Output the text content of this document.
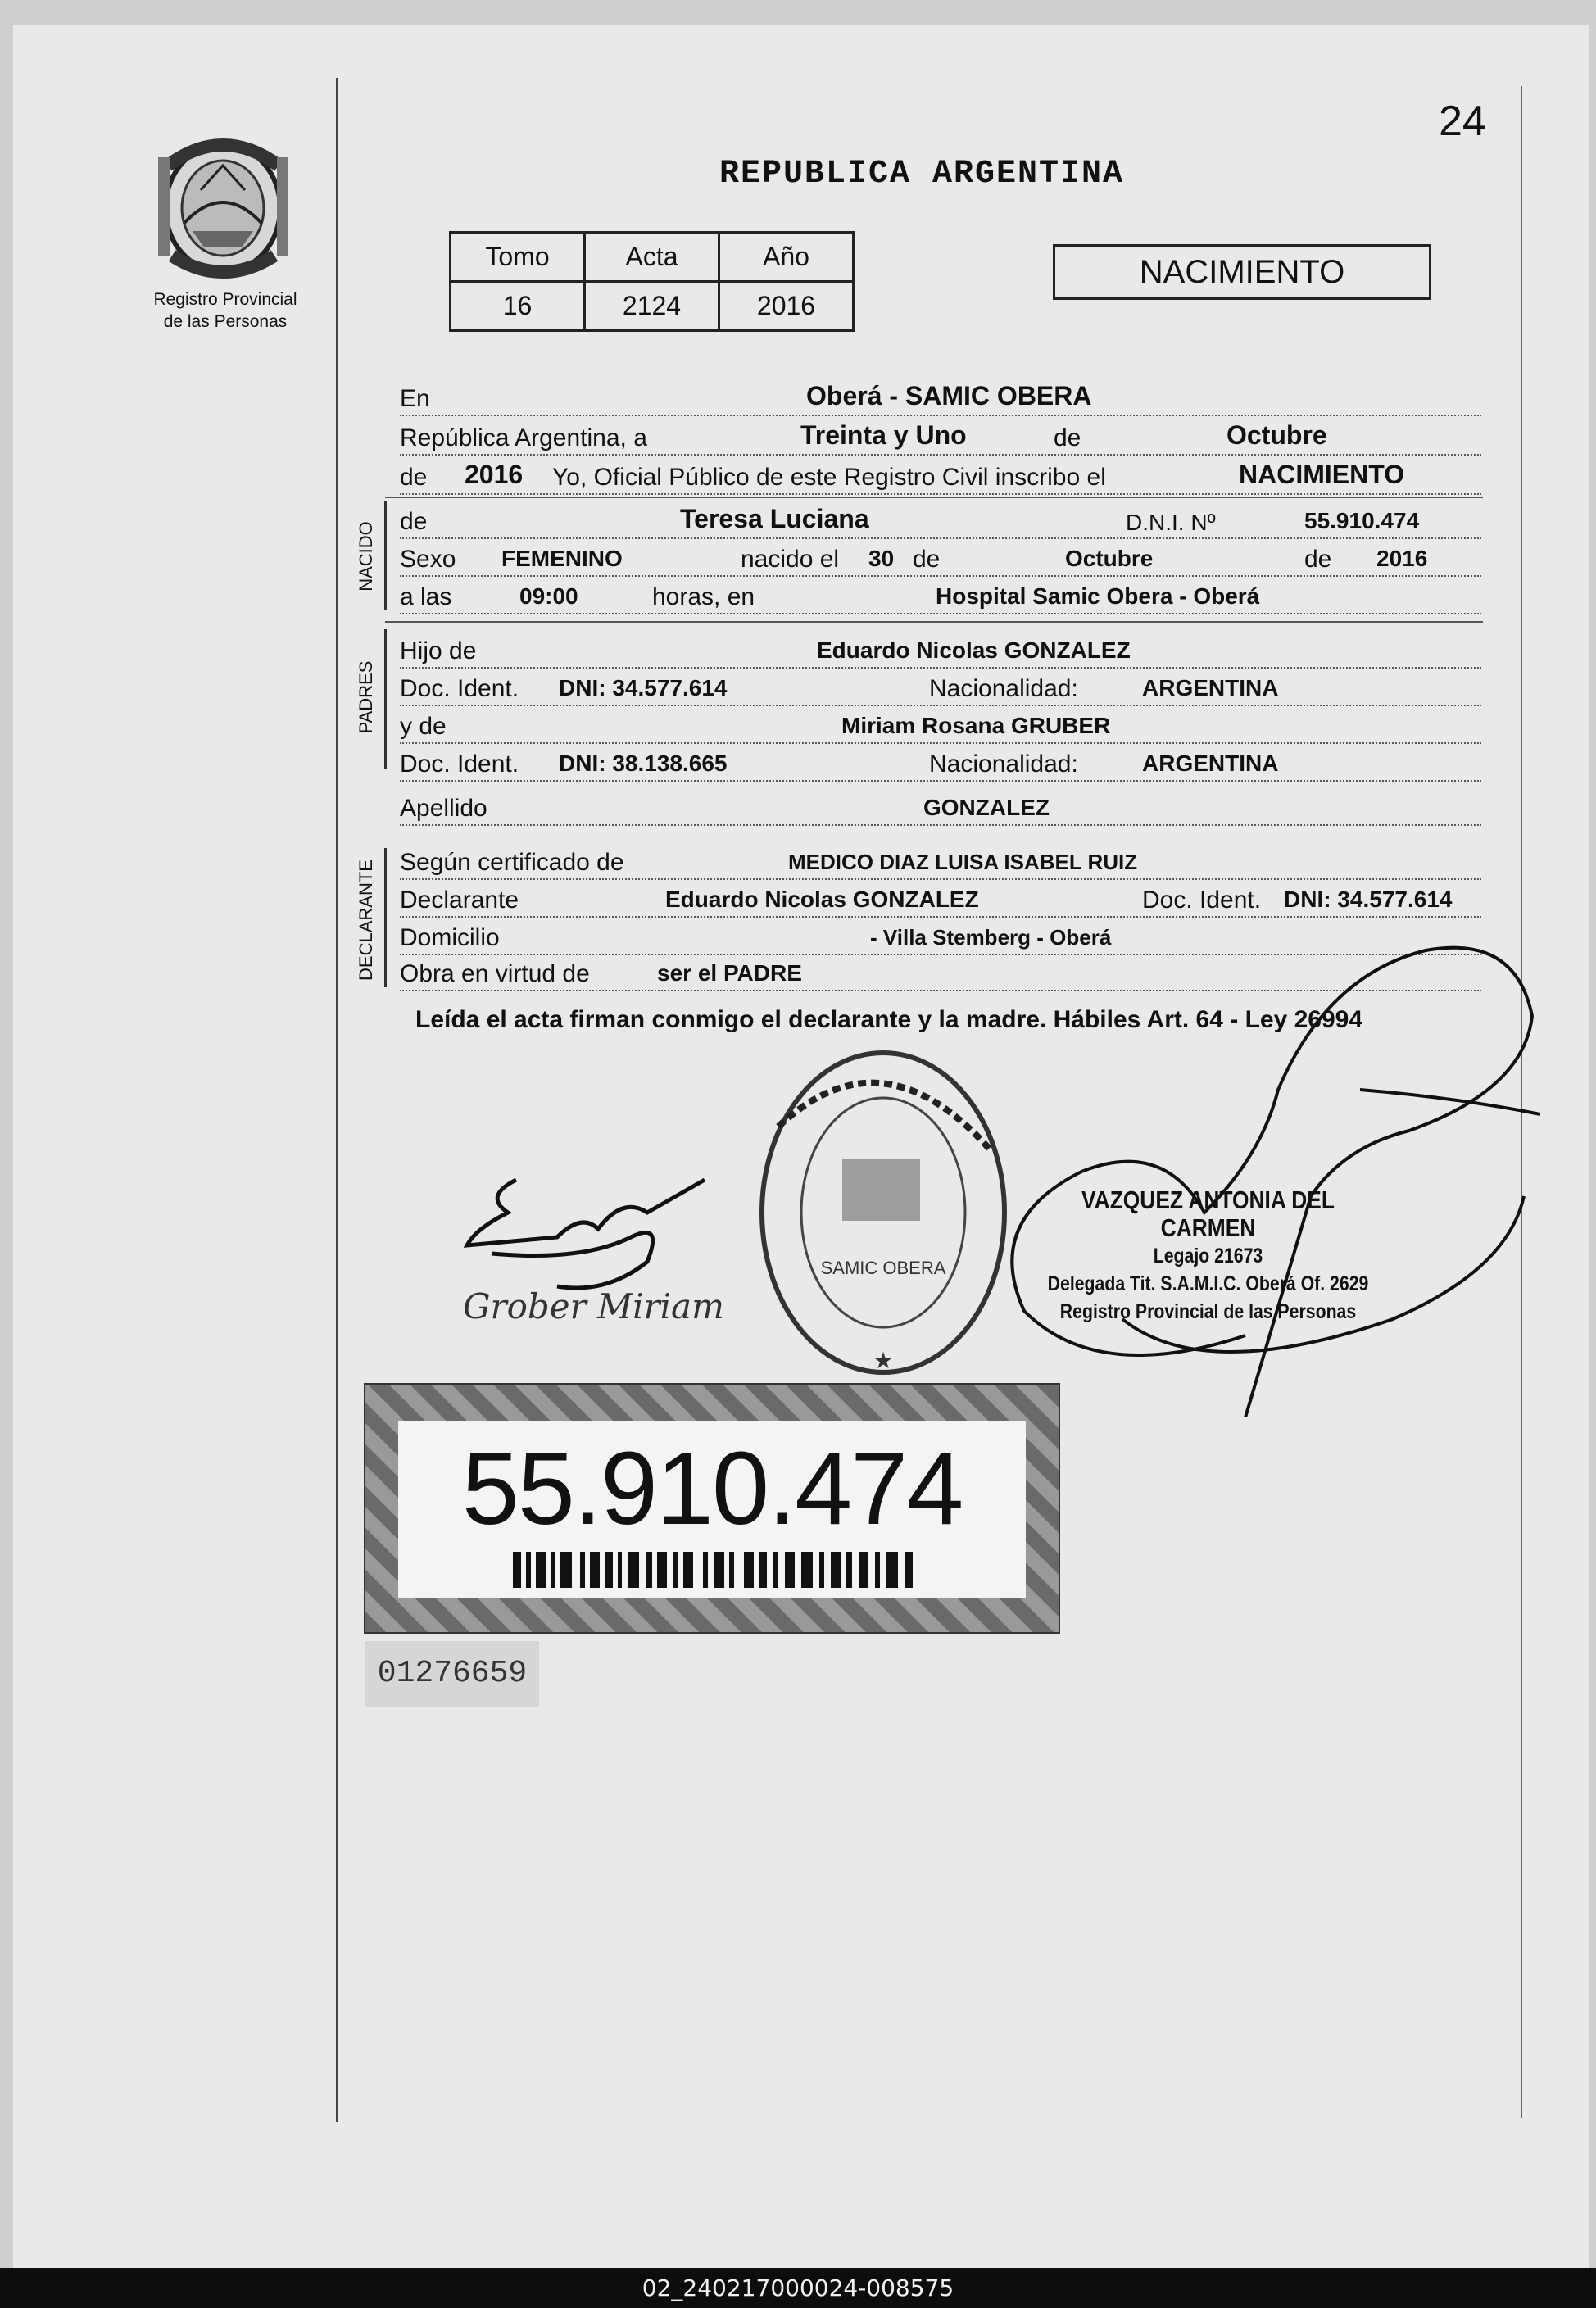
24
Registro Provincial
de las Personas
REPUBLICA ARGENTINA
Tomo	Acta	Año
16	2124	2016
NACIMIENTO
En	Oberá - SAMIC OBERA
República Argentina, a	Treinta y Uno	de	Octubre
de 2016 Yo, Oficial Público de este Registro Civil inscribo el	NACIMIENTO
NACIDO de	Teresa Luciana	D.N.I. Nº	55.910.474
Sexo FEMENINO	nacido el 30 de	Octubre	de 2016
a las	09:00	horas, en	Hospital Samic Obera - Oberá
PADRES
Hijo de	Eduardo Nicolas GONZALEZ
Doc. Ident. DNI: 34.577.614	Nacionalidad:	ARGENTINA
y de	Miriam Rosana GRUBER
Doc. Ident. DNI: 38.138.665	Nacionalidad:	ARGENTINA
Apellido	GONZALEZ
DECLARANTE Según certificado de	MEDICO DIAZ LUISA ISABEL RUIZ
Declarante	Eduardo Nicolas GONZALEZ	Doc. Ident. DNI: 34.577.614
Domicilio	- Villa Stemberg - Oberá
Obra en virtud de	ser el PADRE
Leída el acta firman conmigo el declarante y la madre. Hábiles Art. 64 - Ley 26994
SAMIC OBERA
★
Grober Miriam
VAZQUEZ ANTONIA DEL CARMEN
Legajo 21673
Delegada Tit. S.A.M.I.C. Oberá Of. 2629
Registro Provincial de las Personas
55.910.474
01276659
02_240217000024-008575
